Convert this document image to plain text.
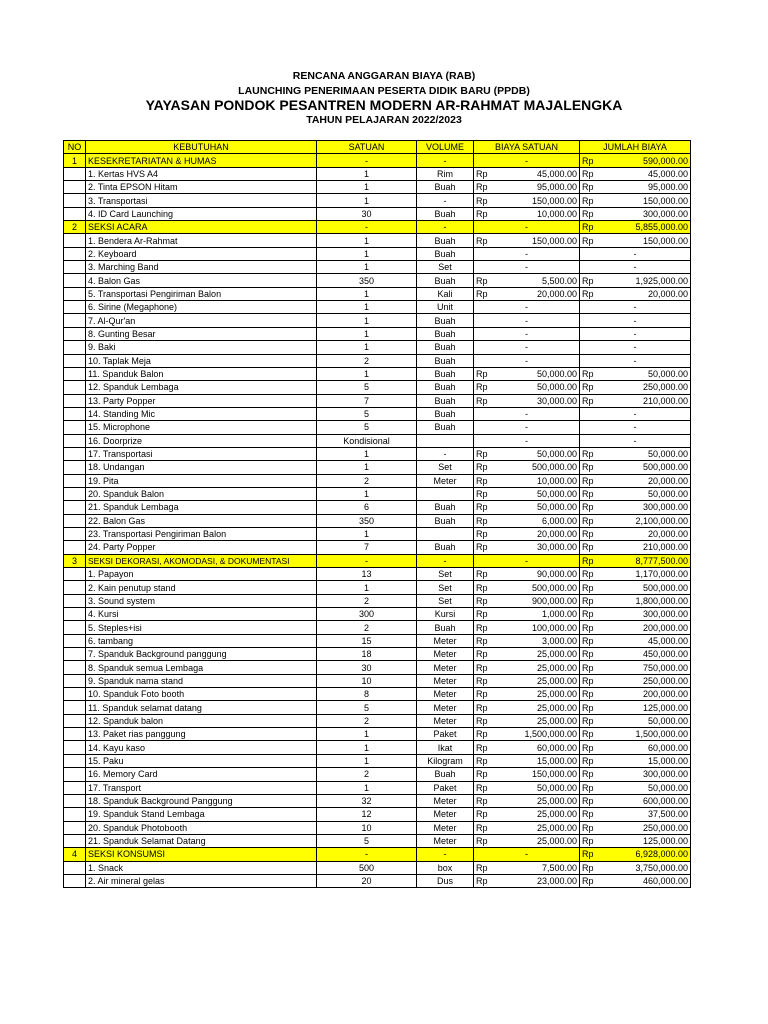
RENCANA ANGGARAN BIAYA (RAB)
LAUNCHING PENERIMAAN PESERTA DIDIK BARU (PPDB)
YAYASAN PONDOK PESANTREN MODERN AR-RAHMAT MAJALENGKA
TAHUN PELAJARAN 2022/2023
NO	KEBUTUHAN	SATUAN	VOLUME	BIAYA SATUAN		JUMLAH BIAYA	
1	KESEKRETARIATAN & HUMAS	-	-	-		Rp	590,000.00
	1. Kertas HVS A4	1	Rim	Rp	45,000.00	Rp	45,000.00
	2. Tinta EPSON Hitam	1	Buah	Rp	95,000.00	Rp	95,000.00
	3. Transportasi	1	-	Rp	150,000.00	Rp	150,000.00
	4. ID Card Launching	30	Buah	Rp	10,000.00	Rp	300,000.00
2	SEKSI ACARA	-	-	-		Rp	5,855,000.00
	1. Bendera Ar-Rahmat	1	Buah	Rp	150,000.00	Rp	150,000.00
	2. Keyboard	1	Buah	-		-	
	3. Marching Band	1	Set	-		-	
	4. Balon Gas	350	Buah	Rp	5,500.00	Rp	1,925,000.00
	5. Transportasi Pengiriman Balon	1	Kali	Rp	20,000.00	Rp	20,000.00
	6. Sirine (Megaphone)	1	Unit	-		-	
	7. Al-Qur'an	1	Buah	-		-	
	8. Gunting Besar	1	Buah	-		-	
	9. Baki	1	Buah	-		-	
	10. Taplak Meja	2	Buah	-		-	
	11. Spanduk Balon	1	Buah	Rp	50,000.00	Rp	50,000.00
	12. Spanduk Lembaga	5	Buah	Rp	50,000.00	Rp	250,000.00
	13. Party Popper	7	Buah	Rp	30,000.00	Rp	210,000.00
	14. Standing Mic	5	Buah	-		-	
	15. Microphone	5	Buah	-		-	
	16. Doorprize	Kondisional		-		-	
	17. Transportasi	1	-	Rp	50,000.00	Rp	50,000.00
	18. Undangan	1	Set	Rp	500,000.00	Rp	500,000.00
	19. Pita	2	Meter	Rp	10,000.00	Rp	20,000.00
	20. Spanduk Balon	1		Rp	50,000.00	Rp	50,000.00
	21. Spanduk Lembaga	6	Buah	Rp	50,000.00	Rp	300,000.00
	22. Balon Gas	350	Buah	Rp	6,000.00	Rp	2,100,000.00
	23. Transportasi Pengiriman Balon	1		Rp	20,000.00	Rp	20,000.00
	24. Party Popper	7	Buah	Rp	30,000.00	Rp	210,000.00
3	SEKSI DEKORASI, AKOMODASI, & DOKUMENTASI	-	-	-		Rp	8,777,500.00
	1. Papayon	13	Set	Rp	90,000.00	Rp	1,170,000.00
	2. Kain penutup stand	1	Set	Rp	500,000.00	Rp	500,000.00
	3. Sound system	2	Set	Rp	900,000.00	Rp	1,800,000.00
	4. Kursi	300	Kursi	Rp	1,000.00	Rp	300,000.00
	5. Steples+isi	2	Buah	Rp	100,000.00	Rp	200,000.00
	6. tambang	15	Meter	Rp	3,000.00	Rp	45,000.00
	7. Spanduk Background panggung	18	Meter	Rp	25,000.00	Rp	450,000.00
	8. Spanduk semua Lembaga	30	Meter	Rp	25,000.00	Rp	750,000.00
	9. Spanduk nama stand	10	Meter	Rp	25,000.00	Rp	250,000.00
	10. Spanduk Foto booth	8	Meter	Rp	25,000.00	Rp	200,000.00
	11. Spanduk selamat datang	5	Meter	Rp	25,000.00	Rp	125,000.00
	12. Spanduk balon	2	Meter	Rp	25,000.00	Rp	50,000.00
	13. Paket rias panggung	1	Paket	Rp	1,500,000.00	Rp	1,500,000.00
	14. Kayu kaso	1	Ikat	Rp	60,000.00	Rp	60,000.00
	15. Paku	1	Kilogram	Rp	15,000.00	Rp	15,000.00
	16. Memory Card	2	Buah	Rp	150,000.00	Rp	300,000.00
	17. Transport	1	Paket	Rp	50,000.00	Rp	50,000.00
	18. Spanduk Background Panggung	32	Meter	Rp	25,000.00	Rp	600,000.00
	19. Spanduk Stand Lembaga	12	Meter	Rp	25,000.00	Rp	37,500.00
	20. Spanduk Photobooth	10	Meter	Rp	25,000.00	Rp	250,000.00
	21. Spanduk Selamat Datang	5	Meter	Rp	25,000.00	Rp	125,000.00
4	SEKSI KONSUMSI	-	-	-		Rp	6,928,000.00
	1. Snack	500	box	Rp	7,500.00	Rp	3,750,000.00
	2. Air mineral gelas	20	Dus	Rp	23,000.00	Rp	460,000.00
